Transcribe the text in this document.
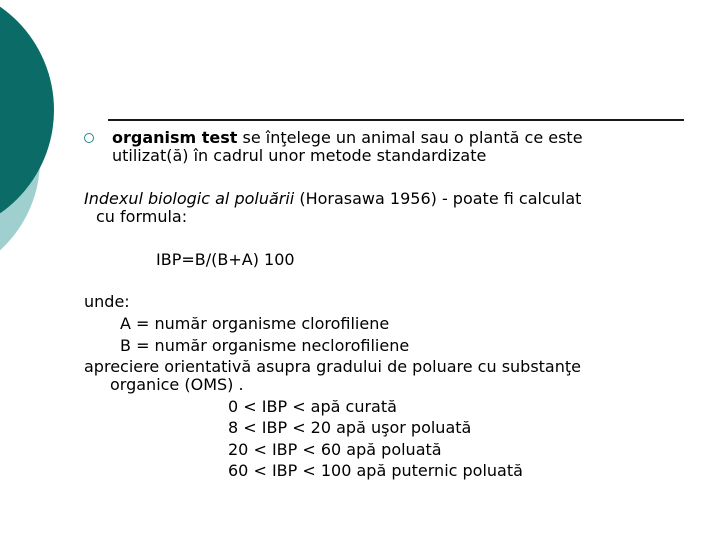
organism test se înţelege un animal sau o plantă ce este
utilizat(ă) în cadrul unor metode standardizate
Indexul biologic al poluării (Horasawa 1956) - poate fi calculat
cu formula:
IBP=B/(B+A) 100
unde:
A = număr organisme clorofiliene
B = număr organisme neclorofiliene
apreciere orientativă asupra gradului de poluare cu substanţe
organice (OMS) .
0 < IBP < apă curată
8 < IBP < 20 apă uşor poluată
20 < IBP < 60 apă poluată
60 < IBP < 100 apă puternic poluată
